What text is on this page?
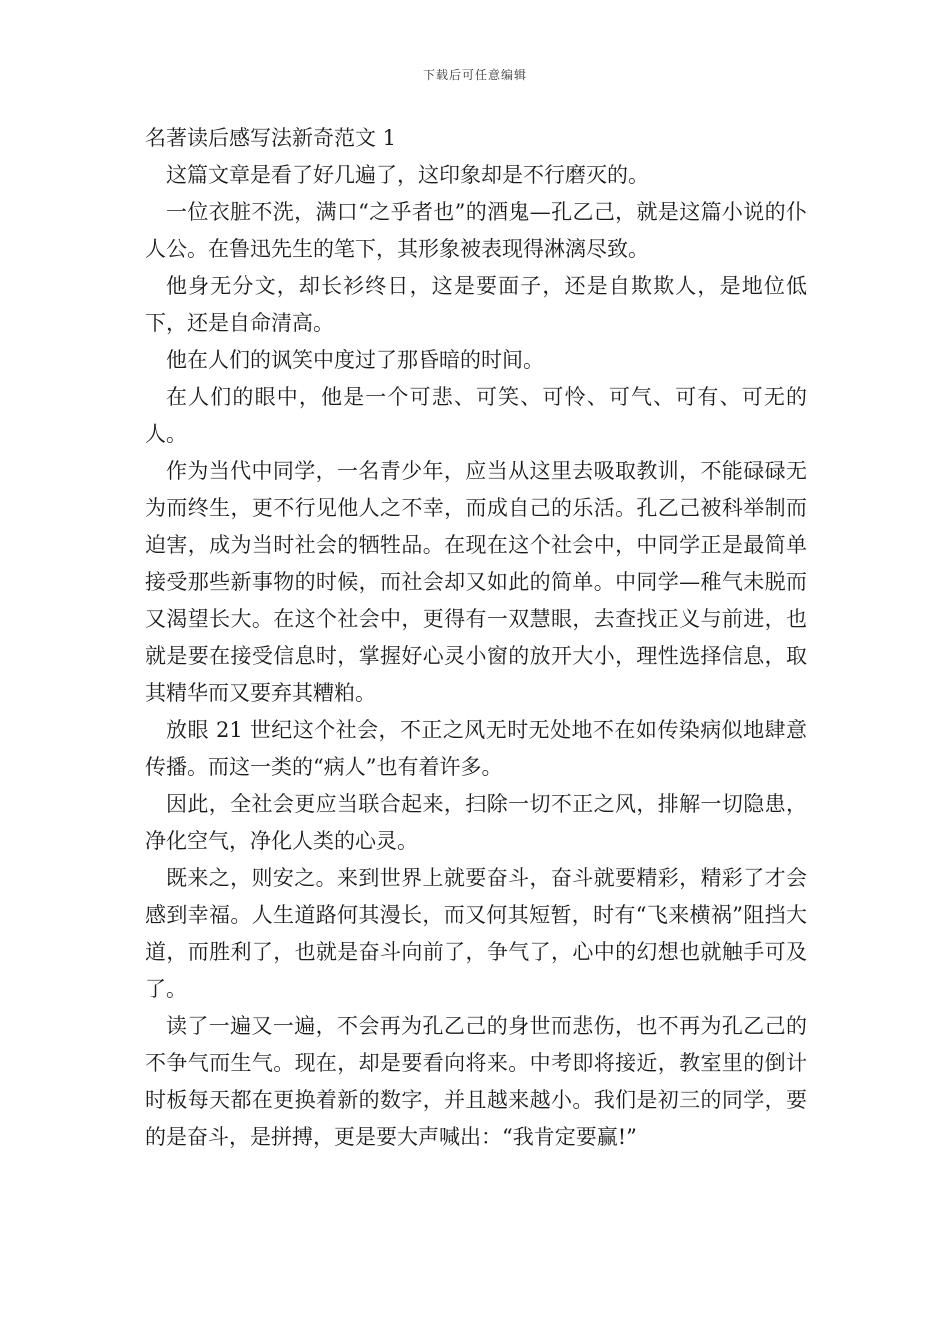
下载后可任意编辑

名著读后感写法新奇范文 1

这篇文章是看了好几遍了，这印象却是不行磨灭的。

一位衣脏不洗，满口“之乎者也”的酒鬼—孔乙己，就是这篇小说的仆人公。在鲁迅先生的笔下，其形象被表现得淋漓尽致。

他身无分文，却长衫终日，这是要面子，还是自欺欺人，是地位低下，还是自命清高。

他在人们的讽笑中度过了那昏暗的时间。

在人们的眼中，他是一个可悲、可笑、可怜、可气、可有、可无的人。

作为当代中同学，一名青少年，应当从这里去吸取教训，不能碌碌无为而终生，更不行见他人之不幸，而成自己的乐活。孔乙己被科举制而迫害，成为当时社会的牺牲品。在现在这个社会中，中同学正是最简单接受那些新事物的时候，而社会却又如此的简单。中同学—稚气未脱而又渴望长大。在这个社会中，更得有一双慧眼，去查找正义与前进，也就是要在接受信息时，掌握好心灵小窗的放开大小，理性选择信息，取其精华而又要弃其糟粕。

放眼 21 世纪这个社会，不正之风无时无处地不在如传染病似地肆意传播。而这一类的“病人”也有着许多。

因此，全社会更应当联合起来，扫除一切不正之风，排解一切隐患，净化空气，净化人类的心灵。

既来之，则安之。来到世界上就要奋斗，奋斗就要精彩，精彩了才会感到幸福。人生道路何其漫长，而又何其短暂，时有“飞来横祸”阻挡大道，而胜利了，也就是奋斗向前了，争气了，心中的幻想也就触手可及了。

读了一遍又一遍，不会再为孔乙己的身世而悲伤，也不再为孔乙己的不争气而生气。现在，却是要看向将来。中考即将接近，教室里的倒计时板每天都在更换着新的数字，并且越来越小。我们是初三的同学，要的是奋斗，是拼搏，更是要大声喊出：“我肯定要赢!”
